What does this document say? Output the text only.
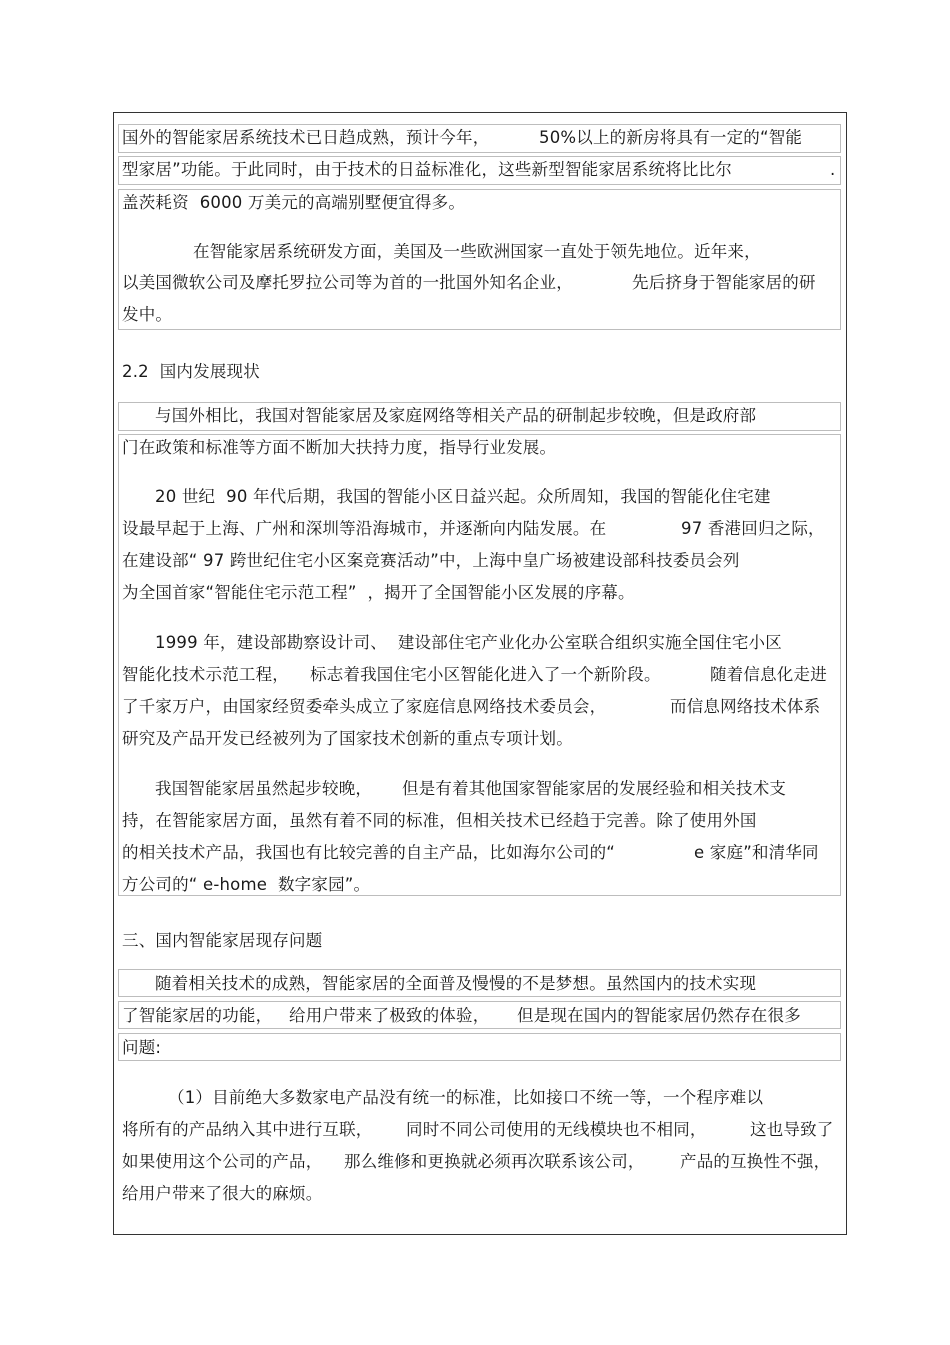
国外的智能家居系统技术已日趋成熟，预计今年，	50%以上的新房将具有一定的“智能
型家居”功能。于此同时，由于技术的日益标准化，这些新型智能家居系统将比比尔	.
盖茨耗资  6000 万美元的高端别墅便宜得多。
在智能家居系统研发方面，美国及一些欧洲国家一直处于领先地位。近年来，
以美国微软公司及摩托罗拉公司等为首的一批国外知名企业，	先后挤身于智能家居的研
发中。
2.2  国内发展现状
与国外相比，我国对智能家居及家庭网络等相关产品的研制起步较晚，但是政府部
门在政策和标准等方面不断加大扶持力度，指导行业发展。
20 世纪  90 年代后期，我国的智能小区日益兴起。众所周知，我国的智能化住宅建
设最早起于上海、广州和深圳等沿海城市，并逐渐向内陆发展。在	97 香港回归之际，
在建设部“ 97 跨世纪住宅小区案竞赛活动”中，上海中皇广场被建设部科技委员会列
为全国首家“智能住宅示范工程”  ，揭开了全国智能小区发展的序幕。
1999 年，建设部勘察设计司、  建设部住宅产业化办公室联合组织实施全国住宅小区
智能化技术示范工程， 标志着我国住宅小区智能化进入了一个新阶段。	随着信息化走进
了千家万户，由国家经贸委牵头成立了家庭信息网络技术委员会，	而信息网络技术体系
研究及产品开发已经被列为了国家技术创新的重点专项计划。
我国智能家居虽然起步较晚， 但是有着其他国家智能家居的发展经验和相关技术支
持，在智能家居方面，虽然有着不同的标准，但相关技术已经趋于完善。除了使用外国
的相关技术产品，我国也有比较完善的自主产品，比如海尔公司的“	e 家庭”和清华同
方公司的“ e-home  数字家园”。
三、国内智能家居现存问题
随着相关技术的成熟，智能家居的全面普及慢慢的不是梦想。虽然国内的技术实现
了智能家居的功能， 给用户带来了极致的体验， 但是现在国内的智能家居仍然存在很多
问题:
（1）目前绝大多数家电产品没有统一的标准，比如接口不统一等，一个程序难以
将所有的产品纳入其中进行互联， 同时不同公司使用的无线模块也不相同，	这也导致了
如果使用这个公司的产品， 那么维修和更换就必须再次联系该公司， 产品的互换性不强，
给用户带来了很大的麻烦。
